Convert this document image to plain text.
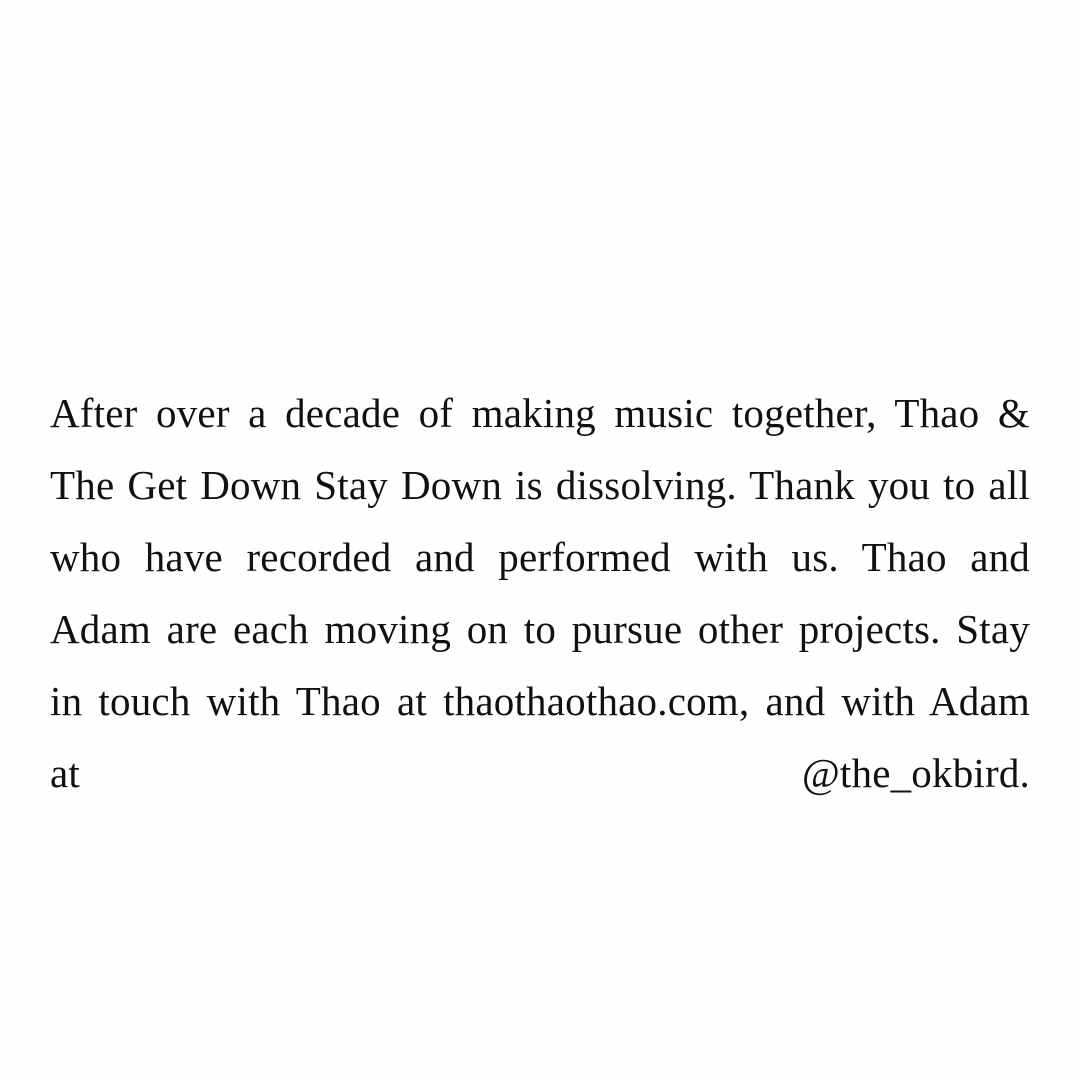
After over a decade of making music together, Thao & The Get Down Stay Down is dissolving. Thank you to all who have recorded and performed with us. Thao and Adam are each moving on to pursue other projects. Stay in touch with Thao at thaothaothao.com, and with Adam at @the_okbird.
